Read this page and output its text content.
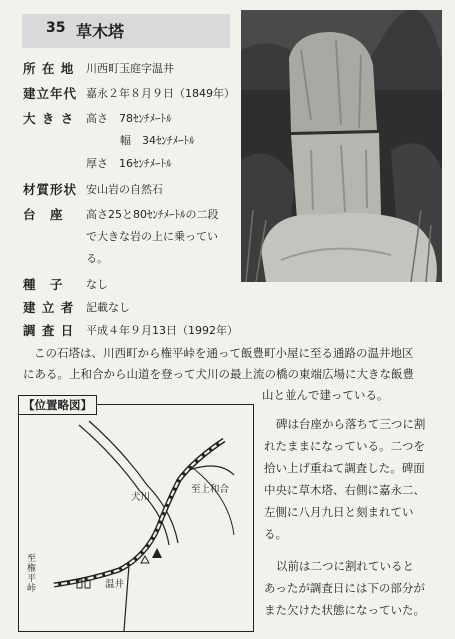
35 草木塔
所 在 地 川西町玉庭字温井
建立年代 嘉永２年８月９日（1849年）
大 き さ 高さ　78ｾﾝﾁﾒｰﾄﾙ
幅　34ｾﾝﾁﾒｰﾄﾙ
厚さ　16ｾﾝﾁﾒｰﾄﾙ
材質形状 安山岩の自然石
台　座 高さ25と80ｾﾝﾁﾒｰﾄﾙの二段
で大きな岩の上に乗ってい
る。
種　子 なし
建 立 者 記載なし
調 査 日 平成４年９月13日（1992年）
この石塔は、川西町から権平峠を通って飯豊町小屋に至る通路の温井地区
にある。上和合から山道を登って犬川の最上流の橋の東端広場に大きな飯豊
山と並んで建っている。
碑は台座から落ちて三つに割
れたままになっている。二つを
拾い上げ重ねて調査した。碑面
中央に草木塔、右側に嘉永二、
左側に八月九日と刻まれてい
る。
以前は二つに割れていると
あったが調査日には下の部分が
また欠けた状態になっていた。
【位置略図】
犬川
至上和合
至権平峠	温井
